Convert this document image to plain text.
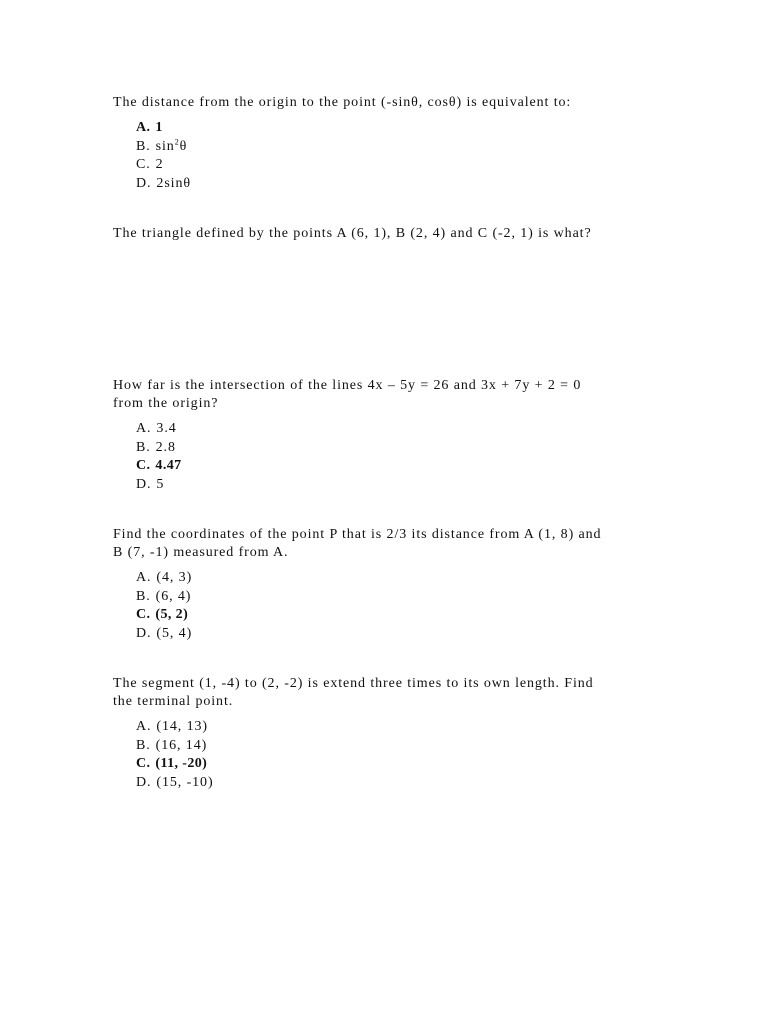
The distance from the origin to the point (-sinθ, cosθ) is equivalent to:

A. 1
B. $\sin^2\theta$
C. 2
D. 2sinθ

The triangle defined by the points A (6, 1), B (2, 4) and C (-2, 1) is what?

How far is the intersection of the lines 4x – 5y = 26 and 3x + 7y + 2 = 0
from the origin?

A. 3.4
B. 2.8
C. 4.47
D. 5

Find the coordinates of the point P that is 2/3 its distance from A (1, 8) and
B (7, -1) measured from A.

A. (4, 3)
B. (6, 4)
C. (5, 2)
D. (5, 4)

The segment (1, -4) to (2, -2) is extend three times to its own length. Find
the terminal point.

A. (14, 13)
B. (16, 14)
C. (11, -20)
D. (15, -10)
